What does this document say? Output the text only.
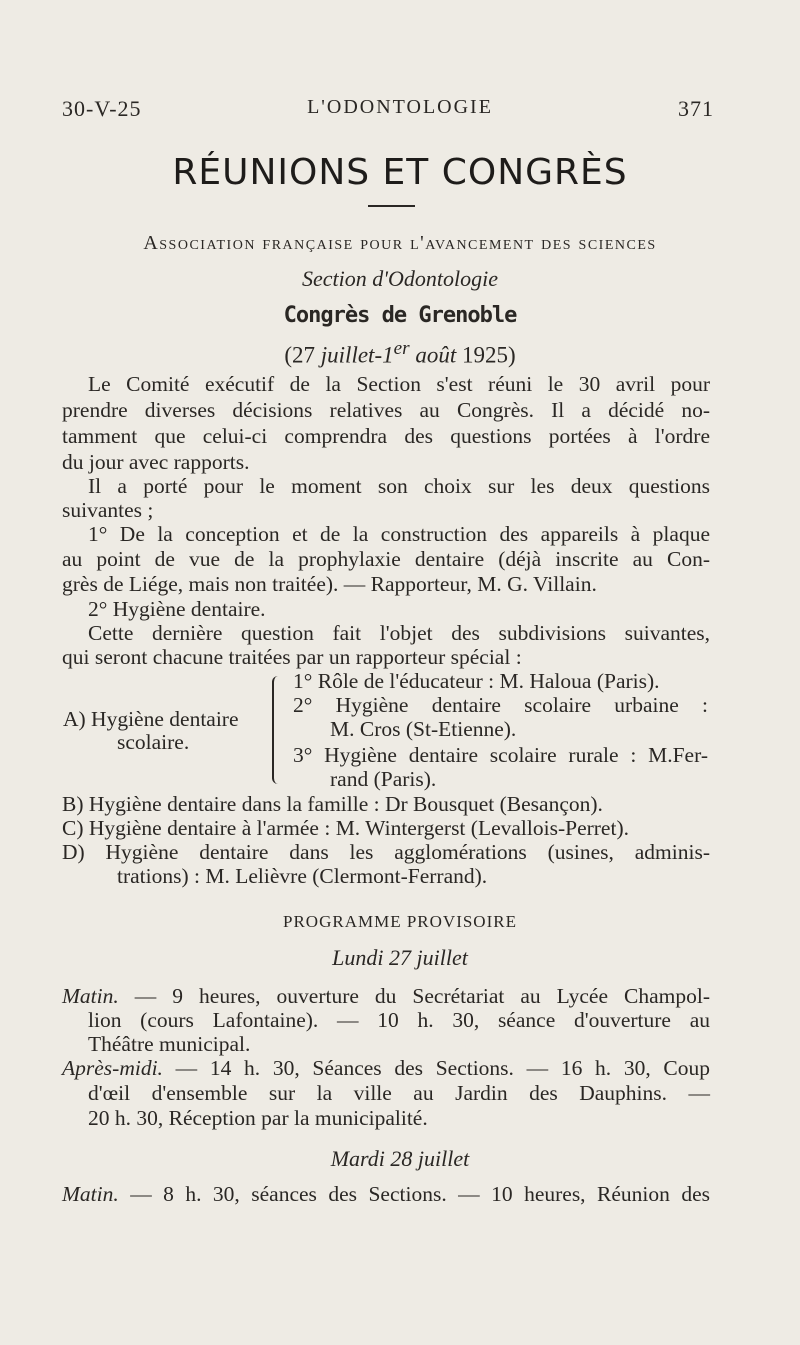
30-V-25	L'ODONTOLOGIE	371
RÉUNIONS ET CONGRÈS
Association française pour l'avancement des sciences
Section d'Odontologie
Congrès de Grenoble
(27 juillet-1er août 1925)
Le Comité exécutif de la Section s'est réuni le 30 avril pour
prendre diverses décisions relatives au Congrès. Il a décidé no-
tamment que celui-ci comprendra des questions portées à l'ordre
du jour avec rapports.
Il a porté pour le moment son choix sur les deux questions
suivantes ;
1° De la conception et de la construction des appareils à plaque
au point de vue de la prophylaxie dentaire (déjà inscrite au Con-
grès de Liége, mais non traitée). — Rapporteur, M. G. Villain.
2° Hygiène dentaire.
Cette dernière question fait l'objet des subdivisions suivantes,
qui seront chacune traitées par un rapporteur spécial :
A) Hygiène dentaire
scolaire.
1° Rôle de l'éducateur : M. Haloua (Paris).
2° Hygiène dentaire scolaire urbaine :
M. Cros (St-Etienne).
3° Hygiène dentaire scolaire rurale : M.Fer-
rand (Paris).
B) Hygiène dentaire dans la famille : Dr Bousquet (Besançon).
C) Hygiène dentaire à l'armée : M. Wintergerst (Levallois-Perret).
D) Hygiène dentaire dans les agglomérations (usines, adminis-
trations) : M. Lelièvre (Clermont-Ferrand).
PROGRAMME PROVISOIRE
Lundi 27 juillet
Matin. — 9 heures, ouverture du Secrétariat au Lycée Champol-
lion (cours Lafontaine). — 10 h. 30, séance d'ouverture au
Théâtre municipal.
Après-midi. — 14 h. 30, Séances des Sections. — 16 h. 30, Coup
d'œil d'ensemble sur la ville au Jardin des Dauphins. —
20 h. 30, Réception par la municipalité.
Mardi 28 juillet
Matin. — 8 h. 30, séances des Sections. — 10 heures, Réunion des
